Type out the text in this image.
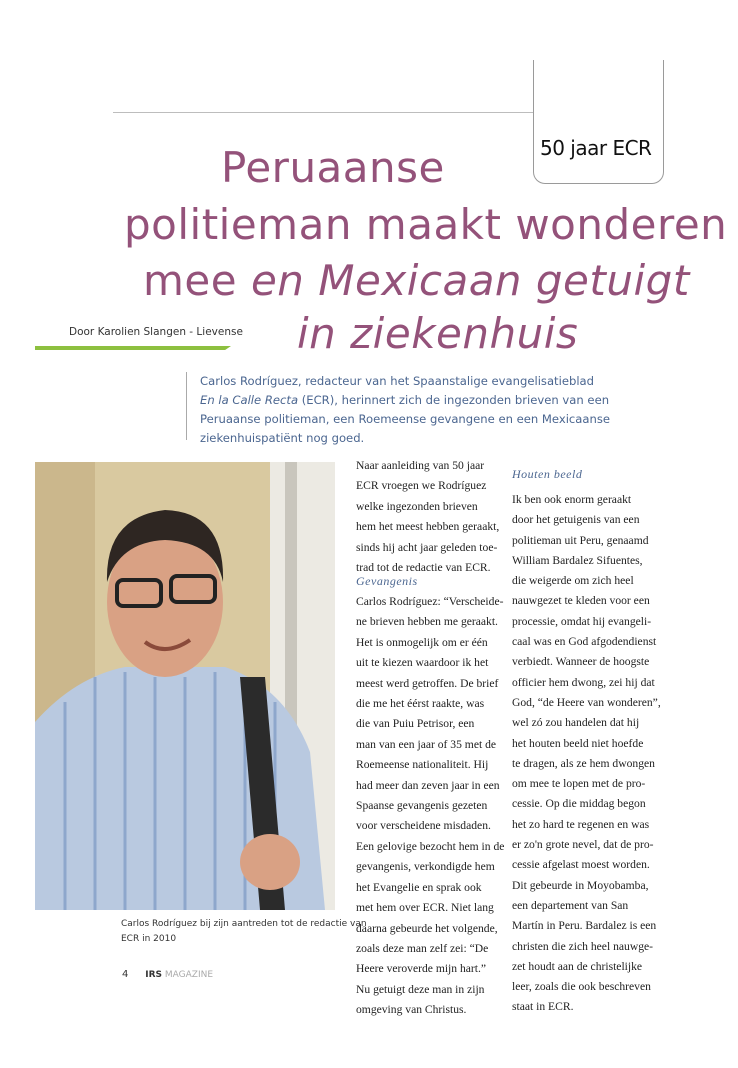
50 jaar ECR
Peruaanse
politieman maakt wonderen
mee en Mexicaan getuigt
in ziekenhuis
Door Karolien Slangen - Lievense
Carlos Rodríguez, redacteur van het Spaanstalige evangelisatieblad
En la Calle Recta (ECR), herinnert zich de ingezonden brieven van een
Peruaanse politieman, een Roemeense gevangene en een Mexicaanse
ziekenhuispatiënt nog goed.
Carlos Rodríguez bij zijn aantreden tot de redactie van
ECR in 2010
Naar aanleiding van 50 jaar
ECR vroegen we Rodríguez
welke ingezonden brieven
hem het meest hebben geraakt,
sinds hij acht jaar geleden toe-
trad tot de redactie van ECR.
Gevangenis
Carlos Rodríguez: “Verscheide-
ne brieven hebben me geraakt.
Het is onmogelijk om er één
uit te kiezen waardoor ik het
meest werd getroffen. De brief
die me het éérst raakte, was
die van Puiu Petrisor, een
man van een jaar of 35 met de
Roemeense nationaliteit. Hij
had meer dan zeven jaar in een
Spaanse gevangenis gezeten
voor verscheidene misdaden.
Een gelovige bezocht hem in de
gevangenis, verkondigde hem
het Evangelie en sprak ook
met hem over ECR. Niet lang
daarna gebeurde het volgende,
zoals deze man zelf zei: “De
Heere veroverde mijn hart.”
Nu getuigt deze man in zijn
omgeving van Christus.
Houten beeld
Ik ben ook enorm geraakt
door het getuigenis van een
politieman uit Peru, genaamd
William Bardalez Sifuentes,
die weigerde om zich heel
nauwgezet te kleden voor een
processie, omdat hij evangeli-
caal was en God afgodendienst
verbiedt. Wanneer de hoogste
officier hem dwong, zei hij dat
God, “de Heere van wonderen”,
wel zó zou handelen dat hij
het houten beeld niet hoefde
te dragen, als ze hem dwongen
om mee te lopen met de pro-
cessie. Op die middag begon
het zo hard te regenen en was
er zo'n grote nevel, dat de pro-
cessie afgelast moest worden.
Dit gebeurde in Moyobamba,
een departement van San
Martín in Peru. Bardalez is een
christen die zich heel nauwge-
zet houdt aan de christelijke
leer, zoals die ook beschreven
staat in ECR.
4 IRS MAGAZINE
